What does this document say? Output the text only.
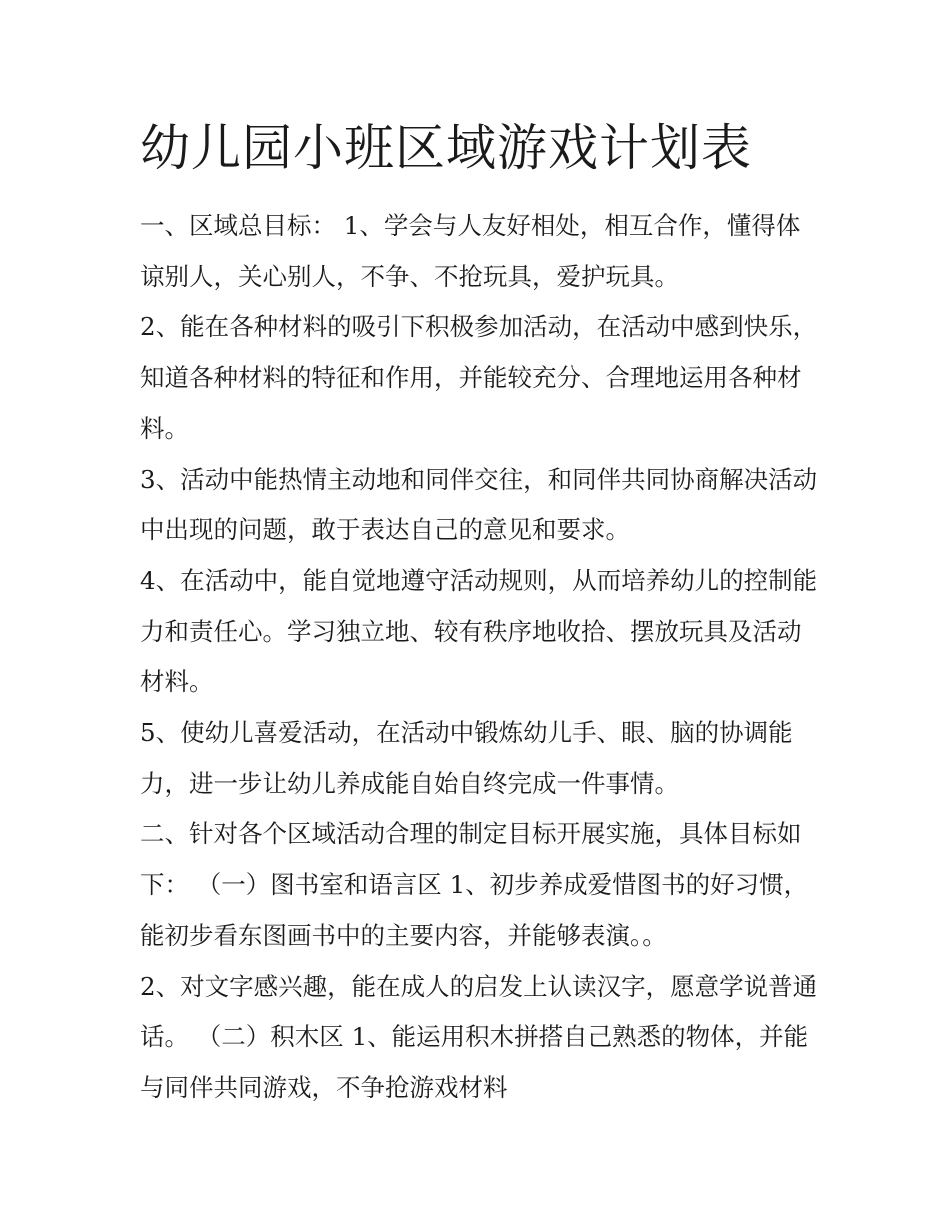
幼儿园小班区域游戏计划表

一、区域总目标： 1、学会与人友好相处，相互合作，懂得体谅别人，关心别人，不争、不抢玩具，爱护玩具。

2、能在各种材料的吸引下积极参加活动，在活动中感到快乐，知道各种材料的特征和作用，并能较充分、合理地运用各种材料。

3、活动中能热情主动地和同伴交往，和同伴共同协商解决活动中出现的问题，敢于表达自己的意见和要求。

4、在活动中，能自觉地遵守活动规则，从而培养幼儿的控制能力和责任心。学习独立地、较有秩序地收拾、摆放玩具及活动材料。

5、使幼儿喜爱活动，在活动中锻炼幼儿手、眼、脑的协调能力，进一步让幼儿养成能自始自终完成一件事情。

二、针对各个区域活动合理的制定目标开展实施，具体目标如下： （一）图书室和语言区 1、初步养成爱惜图书的好习惯，能初步看东图画书中的主要内容，并能够表演。。

2、对文字感兴趣，能在成人的启发上认读汉字，愿意学说普通话。 （二）积木区 1、能运用积木拼搭自己熟悉的物体，并能与同伴共同游戏，不争抢游戏材料
